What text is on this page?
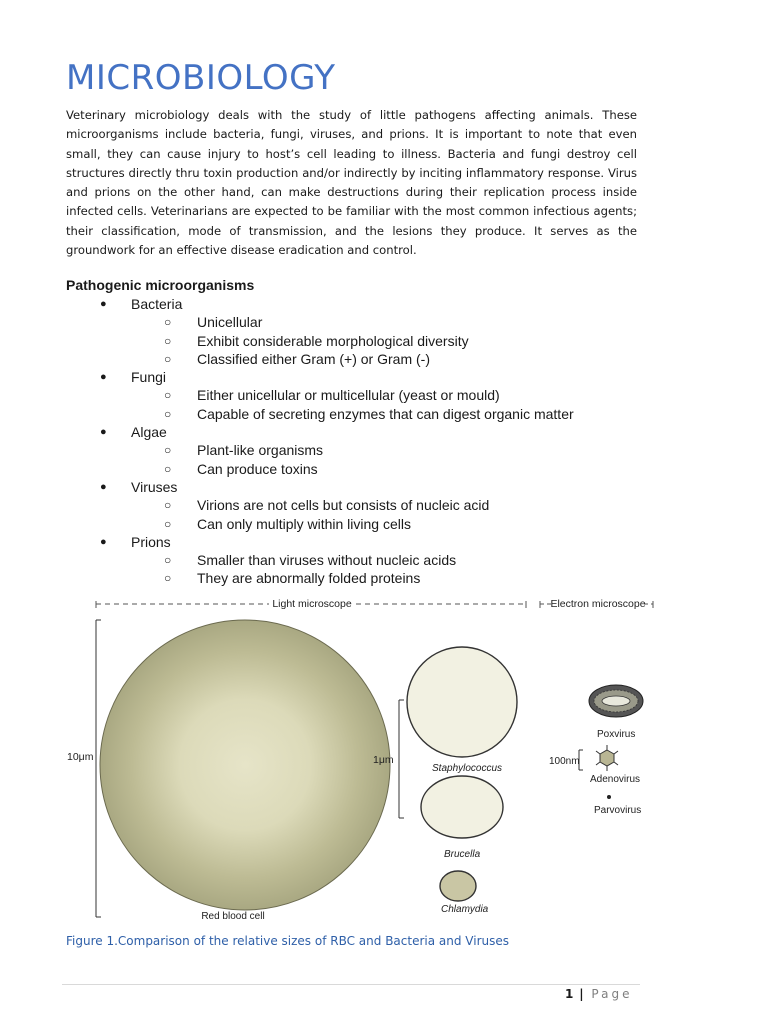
MICROBIOLOGY

Veterinary microbiology deals with the study of little pathogens affecting animals. These microorganisms include bacteria, fungi, viruses, and prions. It is important to note that even small, they can cause injury to host’s cell leading to illness. Bacteria and fungi destroy cell structures directly thru toxin production and/or indirectly by inciting inflammatory response. Virus and prions on the other hand, can make destructions during their replication process inside infected cells. Veterinarians are expected to be familiar with the most common infectious agents; their classification, mode of transmission, and the lesions they produce. It serves as the groundwork for an effective disease eradication and control.

Pathogenic microorganisms
● Bacteria
○ Unicellular
○ Exhibit considerable morphological diversity
○ Classified either Gram (+) or Gram (-)
● Fungi
○ Either unicellular or multicellular (yeast or mould)
○ Capable of secreting enzymes that can digest organic matter
● Algae
○ Plant-like organisms
○ Can produce toxins
● Viruses
○ Virions are not cells but consists of nucleic acid
○ Can only multiply within living cells
● Prions
○ Smaller than viruses without nucleic acids
○ They are abnormally folded proteins
Light microscope	Electron microscope
10μm
Red blood cell
1μm
Staphylococcus
Brucella
Chlamydia
Poxvirus
100nm
Adenovirus
Parvovirus
Figure 1.Comparison of the relative sizes of RBC and Bacteria and Viruses
1 | Page
